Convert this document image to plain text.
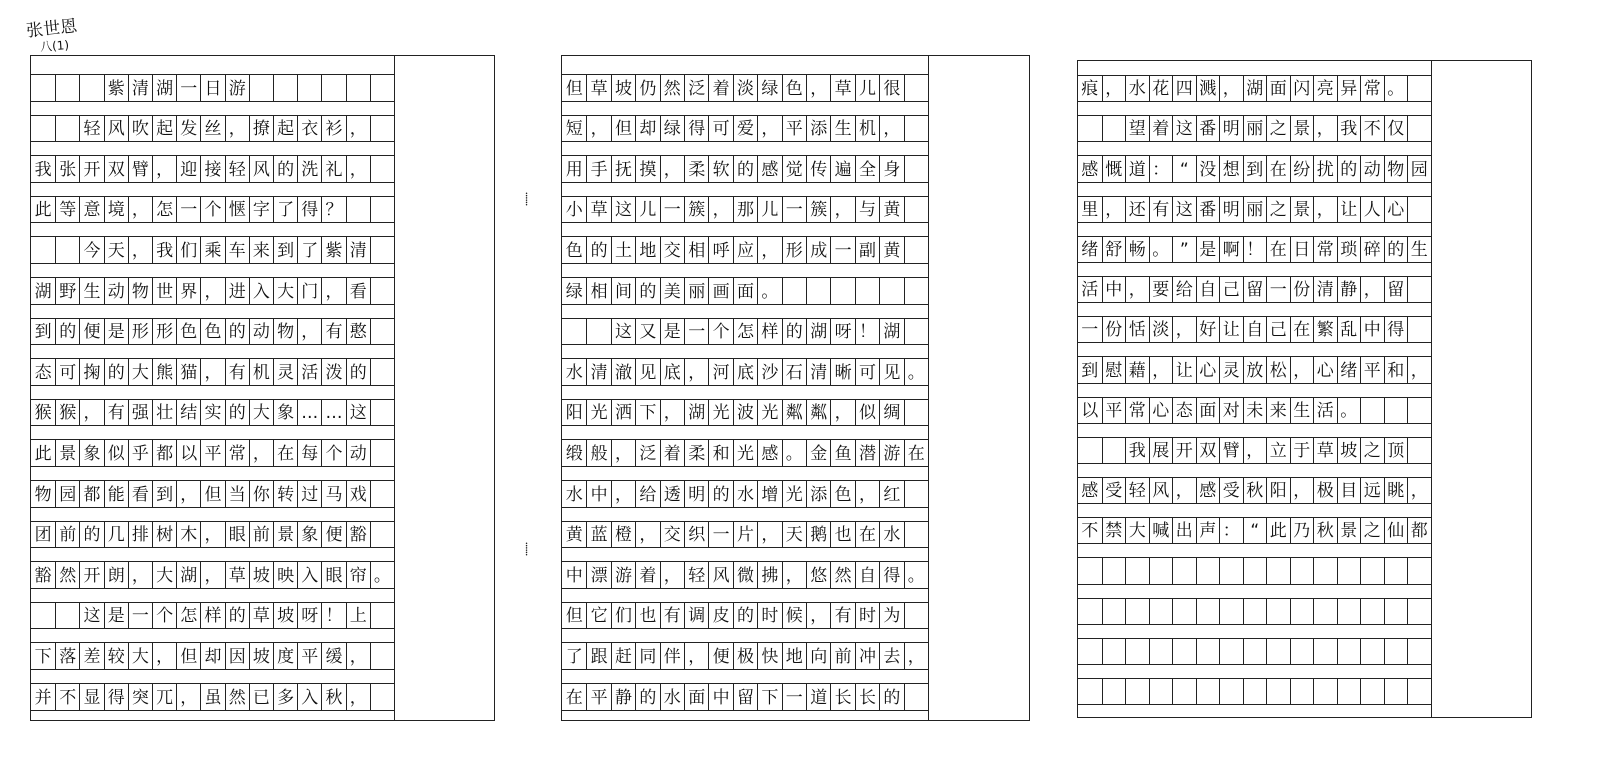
张世恩
八(1)
紫 清 湖 一 日 游
轻 风 吹 起 发 丝 ， 撩 起 衣 衫 ，
我 张 开 双 臂 ， 迎 接 轻 风 的 洗 礼 ，
此 等 意 境 ， 怎 一 个 惬 字 了 得 ？
今 天 ， 我 们 乘 车 来 到 了 紫 清
湖 野 生 动 物 世 界 ， 进 入 大 门 ， 看
到 的 便 是 形 形 色 色 的 动 物 ， 有 憨
态 可 掬 的 大 熊 猫 ， 有 机 灵 活 泼 的
猴 猴 ， 有 强 壮 结 实 的 大 象 … … 这
此 景 象 似 乎 都 以 平 常 ， 在 每 个 动
物 园 都 能 看 到 ， 但 当 你 转 过 马 戏
团 前 的 几 排 树 木 ， 眼 前 景 象 便 豁
豁 然 开 朗 ， 大 湖 ， 草 坡 映 入 眼 帘 。
这 是 一 个 怎 样 的 草 坡 呀 ！ 上
下 落 差 较 大 ， 但 却 因 坡 度 平 缓 ，
并 不 显 得 突 兀 ， 虽 然 已 多 入 秋 ，
但 草 坡 仍 然 泛 着 淡 绿 色 ， 草 儿 很
短 ， 但 却 绿 得 可 爱 ， 平 添 生 机 ，
用 手 抚 摸 ， 柔 软 的 感 觉 传 遍 全 身
小 草 这 儿 一 簇 ， 那 儿 一 簇 ， 与 黄
色 的 土 地 交 相 呼 应 ， 形 成 一 副 黄
绿 相 间 的 美 丽 画 面 。
这 又 是 一 个 怎 样 的 湖 呀 ！ 湖
水 清 澈 见 底 ， 河 底 沙 石 清 晰 可 见 。
阳 光 洒 下 ， 湖 光 波 光 粼 粼 ， 似 绸
缎 般 ， 泛 着 柔 和 光 感 。 金 鱼 潜 游 在
水 中 ， 给 透 明 的 水 增 光 添 色 ， 红
黄 蓝 橙 ， 交 织 一 片 ， 天 鹅 也 在 水
中 漂 游 着 ， 轻 风 微 拂 ， 悠 然 自 得 。
但 它 们 也 有 调 皮 的 时 候 ， 有 时 为
了 跟 赶 同 伴 ， 便 极 快 地 向 前 冲 去 ，
在 平 静 的 水 面 中 留 下 一 道 长 长 的
痕 ， 水 花 四 溅 ， 湖 面 闪 亮 异 常 。
望 着 这 番 明 丽 之 景 ， 我 不 仅
感 慨 道 ： “ 没 想 到 在 纷 扰 的 动 物 园
里 ， 还 有 这 番 明 丽 之 景 ， 让 人 心
绪 舒 畅 。 ” 是 啊 ！ 在 日 常 琐 碎 的 生
活 中 ， 要 给 自 己 留 一 份 清 静 ， 留
一 份 恬 淡 ， 好 让 自 己 在 繁 乱 中 得
到 慰 藉 ， 让 心 灵 放 松 ， 心 绪 平 和 ，
以 平 常 心 态 面 对 未 来 生 活 。
我 展 开 双 臂 ， 立 于 草 坡 之 顶
感 受 轻 风 ， 感 受 秋 阳 ， 极 目 远 眺 ，
不 禁 大 喊 出 声 ： “ 此 乃 秋 景 之 仙 都
⸽
⸽
